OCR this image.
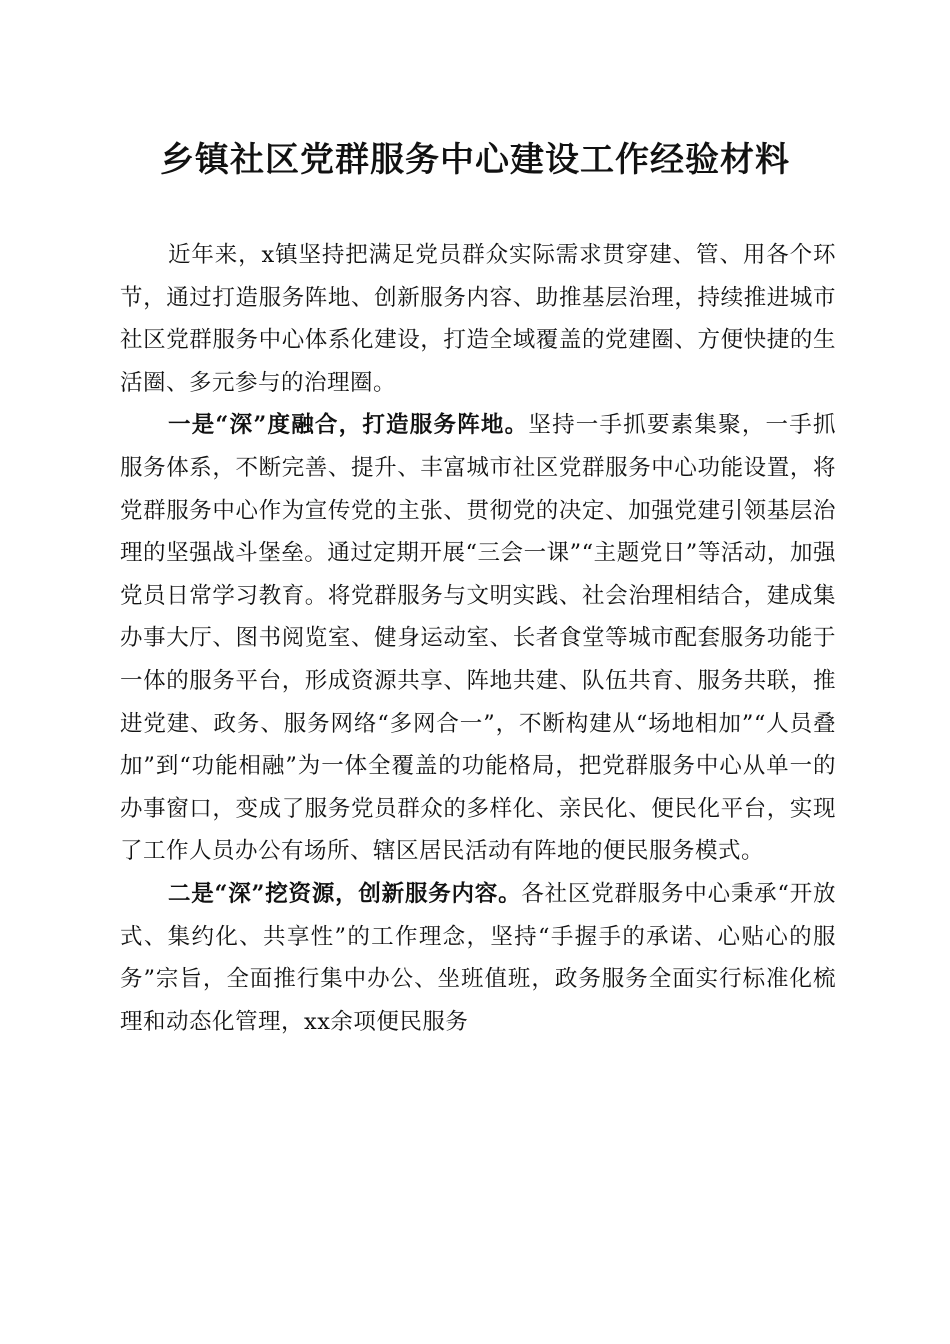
乡镇社区党群服务中心建设工作经验材料

近年来，x镇坚持把满足党员群众实际需求贯穿建、管、用各个环节，通过打造服务阵地、创新服务内容、助推基层治理，持续推进城市社区党群服务中心体系化建设，打造全域覆盖的党建圈、方便快捷的生活圈、多元参与的治理圈。

一是“深”度融合，打造服务阵地。坚持一手抓要素集聚，一手抓服务体系，不断完善、提升、丰富城市社区党群服务中心功能设置，将党群服务中心作为宣传党的主张、贯彻党的决定、加强党建引领基层治理的坚强战斗堡垒。通过定期开展“三会一课”“主题党日”等活动，加强党员日常学习教育。将党群服务与文明实践、社会治理相结合，建成集办事大厅、图书阅览室、健身运动室、长者食堂等城市配套服务功能于一体的服务平台，形成资源共享、阵地共建、队伍共育、服务共联，推进党建、政务、服务网络“多网合一”，不断构建从“场地相加”“人员叠加”到“功能相融”为一体全覆盖的功能格局，把党群服务中心从单一的办事窗口，变成了服务党员群众的多样化、亲民化、便民化平台，实现了工作人员办公有场所、辖区居民活动有阵地的便民服务模式。

二是“深”挖资源，创新服务内容。各社区党群服务中心秉承“开放式、集约化、共享性”的工作理念，坚持“手握手的承诺、心贴心的服务”宗旨，全面推行集中办公、坐班值班，政务服务全面实行标准化梳理和动态化管理，xx余项便民服务
